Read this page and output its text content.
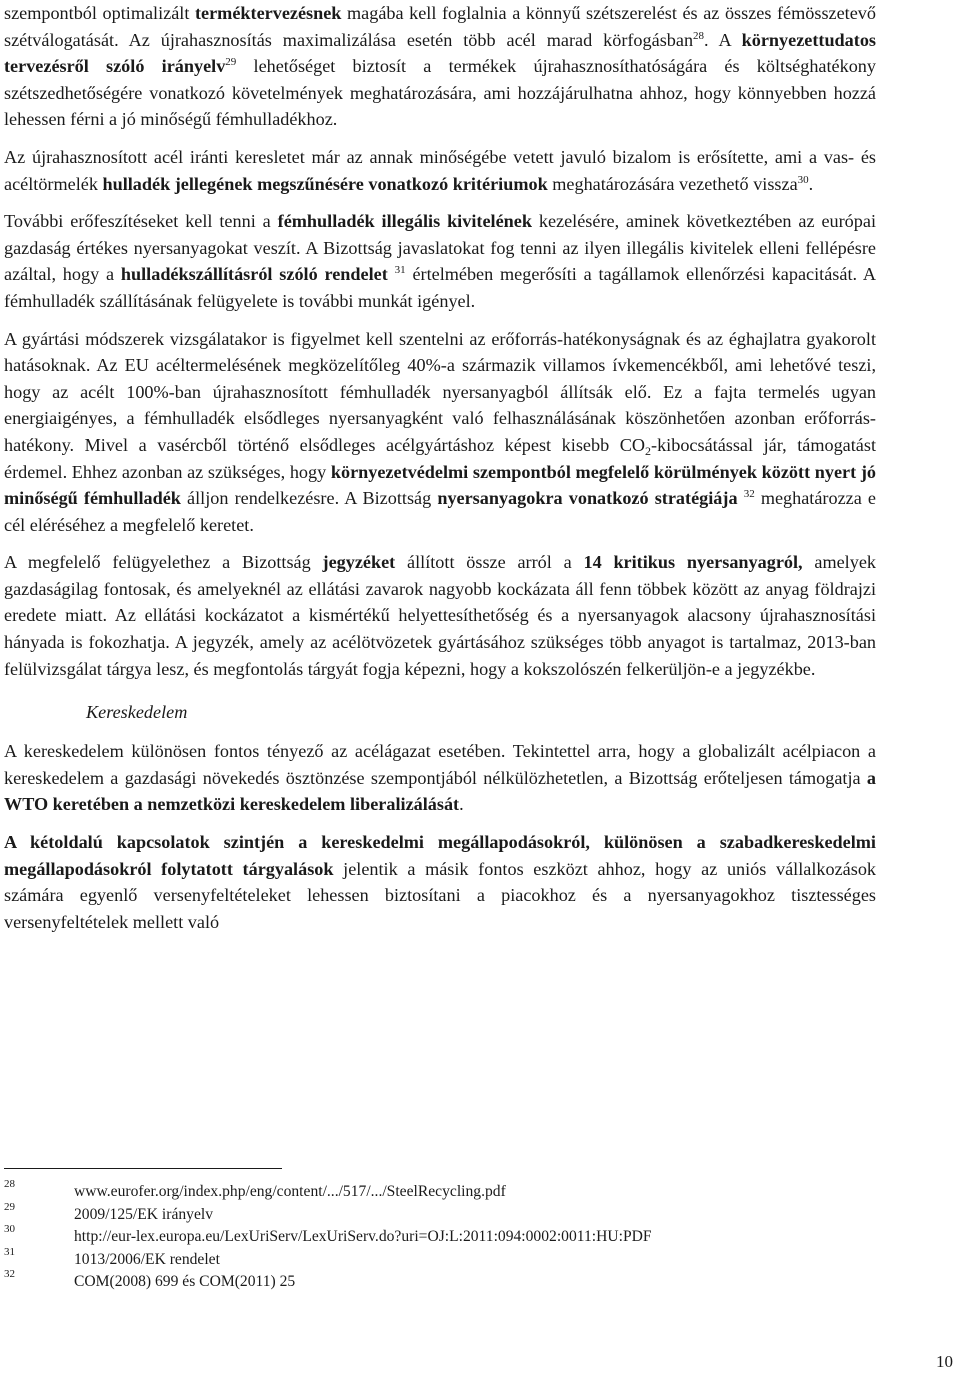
szempontból optimalizált terméktervezésnek magába kell foglalnia a könnyű szétszerelést és az összes fémösszetevő szétválogatását. Az újrahasznosítás maximalizálása esetén több acél marad körfogásban$^{28}$. A környezettudatos tervezésről szóló irányelv$^{29}$ lehetőséget biztosít a termékek újrahasznosíthatóságára és költséghatékony szétszedhetőségére vonatkozó követelmények meghatározására, ami hozzájárulhatna ahhoz, hogy könnyebben hozzá lehessen férni a jó minőségű fémhulladékhoz.

Az újrahasznosított acél iránti keresletet már az annak minőségébe vetett javuló bizalom is erősítette, ami a vas- és acéltörmelék hulladék jellegének megszűnésére vonatkozó kritériumok meghatározására vezethető vissza$^{30}$.

További erőfeszítéseket kell tenni a fémhulladék illegális kivitelének kezelésére, aminek következtében az európai gazdaság értékes nyersanyagokat veszít. A Bizottság javaslatokat fog tenni az ilyen illegális kivitelek elleni fellépésre azáltal, hogy a hulladékszállításról szóló rendelet $^{31}$ értelmében megerősíti a tagállamok ellenőrzési kapacitását. A fémhulladék szállításának felügyelete is további munkát igényel.

A gyártási módszerek vizsgálatakor is figyelmet kell szentelni az erőforrás-hatékonyságnak és az éghajlatra gyakorolt hatásoknak. Az EU acéltermelésének megközelítőleg 40%-a származik villamos ívkemencékből, ami lehetővé teszi, hogy az acélt 100%-ban újrahasznosított fémhulladék nyersanyagból állítsák elő. Ez a fajta termelés ugyan energiaigényes, a fémhulladék elsődleges nyersanyagként való felhasználásának köszönhetően azonban erőforrás-hatékony. Mivel a vasércből történő elsődleges acélgyártáshoz képest kisebb $CO_2$-kibocsátással jár, támogatást érdemel. Ehhez azonban az szükséges, hogy környezetvédelmi szempontból megfelelő körülmények között nyert jó minőségű fémhulladék álljon rendelkezésre. A Bizottság nyersanyagokra vonatkozó stratégiája $^{32}$ meghatározza e cél eléréséhez a megfelelő keretet.

A megfelelő felügyelethez a Bizottság jegyzéket állított össze arról a 14 kritikus nyersanyagról, amelyek gazdaságilag fontosak, és amelyeknél az ellátási zavarok nagyobb kockázata áll fenn többek között az anyag földrajzi eredete miatt. Az ellátási kockázatot a kismértékű helyettesíthetőség és a nyersanyagok alacsony újrahasznosítási hányada is fokozhatja. A jegyzék, amely az acélötvözetek gyártásához szükséges több anyagot is tartalmaz, 2013-ban felülvizsgálat tárgya lesz, és megfontolás tárgyát fogja képezni, hogy a kokszolószén felkerüljön-e a jegyzékbe.

Kereskedelem

A kereskedelem különösen fontos tényező az acélágazat esetében. Tekintettel arra, hogy a globalizált acélpiacon a kereskedelem a gazdasági növekedés ösztönzése szempontjából nélkülözhetetlen, a Bizottság erőteljesen támogatja a WTO keretében a nemzetközi kereskedelem liberalizálását.

A kétoldalú kapcsolatok szintjén a kereskedelmi megállapodásokról, különösen a szabadkereskedelmi megállapodásokról folytatott tárgyalások jelentik a másik fontos eszközt ahhoz, hogy az uniós vállalkozások számára egyenlő versenyfeltételeket lehessen biztosítani a piacokhoz és a nyersanyagokhoz tisztességes versenyfeltételek mellett való

28	www.eurofer.org/index.php/eng/content/.../517/.../SteelRecycling.pdf
29	2009/125/EK irányelv
30	http://eur-lex.europa.eu/LexUriServ/LexUriServ.do?uri=OJ:L:2011:094:0002:0011:HU:PDF
31	1013/2006/EK rendelet
32	COM(2008) 699 és COM(2011) 25
10
